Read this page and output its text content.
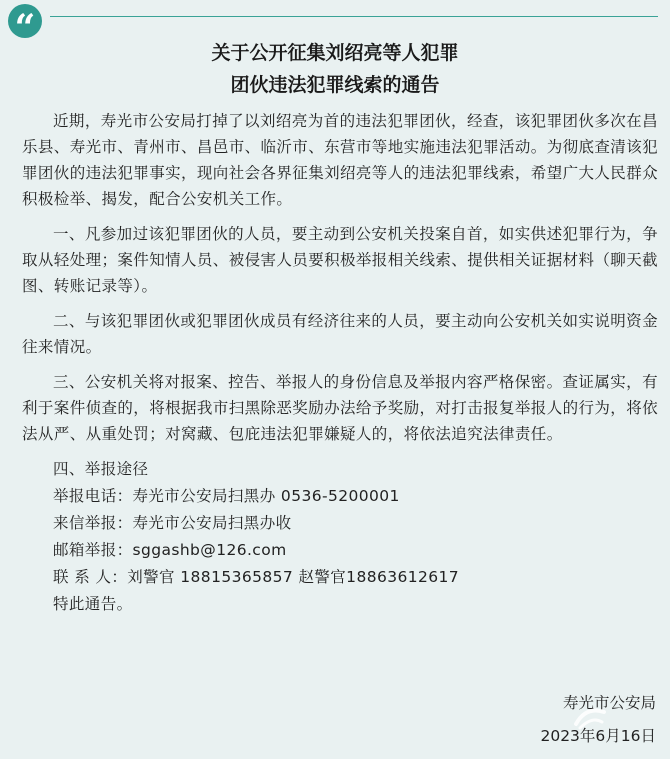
“
关于公开征集刘绍亮等人犯罪
团伙违法犯罪线索的通告

近期，寿光市公安局打掉了以刘绍亮为首的违法犯罪团伙，经查，该犯罪团伙多次在昌乐县、寿光市、青州市、昌邑市、临沂市、东营市等地实施违法犯罪活动。为彻底查清该犯罪团伙的违法犯罪事实，现向社会各界征集刘绍亮等人的违法犯罪线索，希望广大人民群众积极检举、揭发，配合公安机关工作。

一、凡参加过该犯罪团伙的人员，要主动到公安机关投案自首，如实供述犯罪行为，争取从轻处理；案件知情人员、被侵害人员要积极举报相关线索、提供相关证据材料（聊天截图、转账记录等）。

二、与该犯罪团伙或犯罪团伙成员有经济往来的人员，要主动向公安机关如实说明资金往来情况。

三、公安机关将对报案、控告、举报人的身份信息及举报内容严格保密。查证属实，有利于案件侦查的，将根据我市扫黑除恶奖励办法给予奖励，对打击报复举报人的行为，将依法从严、从重处罚；对窝藏、包庇违法犯罪嫌疑人的，将依法追究法律责任。

四、举报途径

举报电话：寿光市公安局扫黑办 0536-5200001

来信举报：寿光市公安局扫黑办收

邮箱举报：sggashb@126.com

联 系 人：刘警官 18815365857 赵警官18863612617

特此通告。

寿光市公安局
2023年6月16日
